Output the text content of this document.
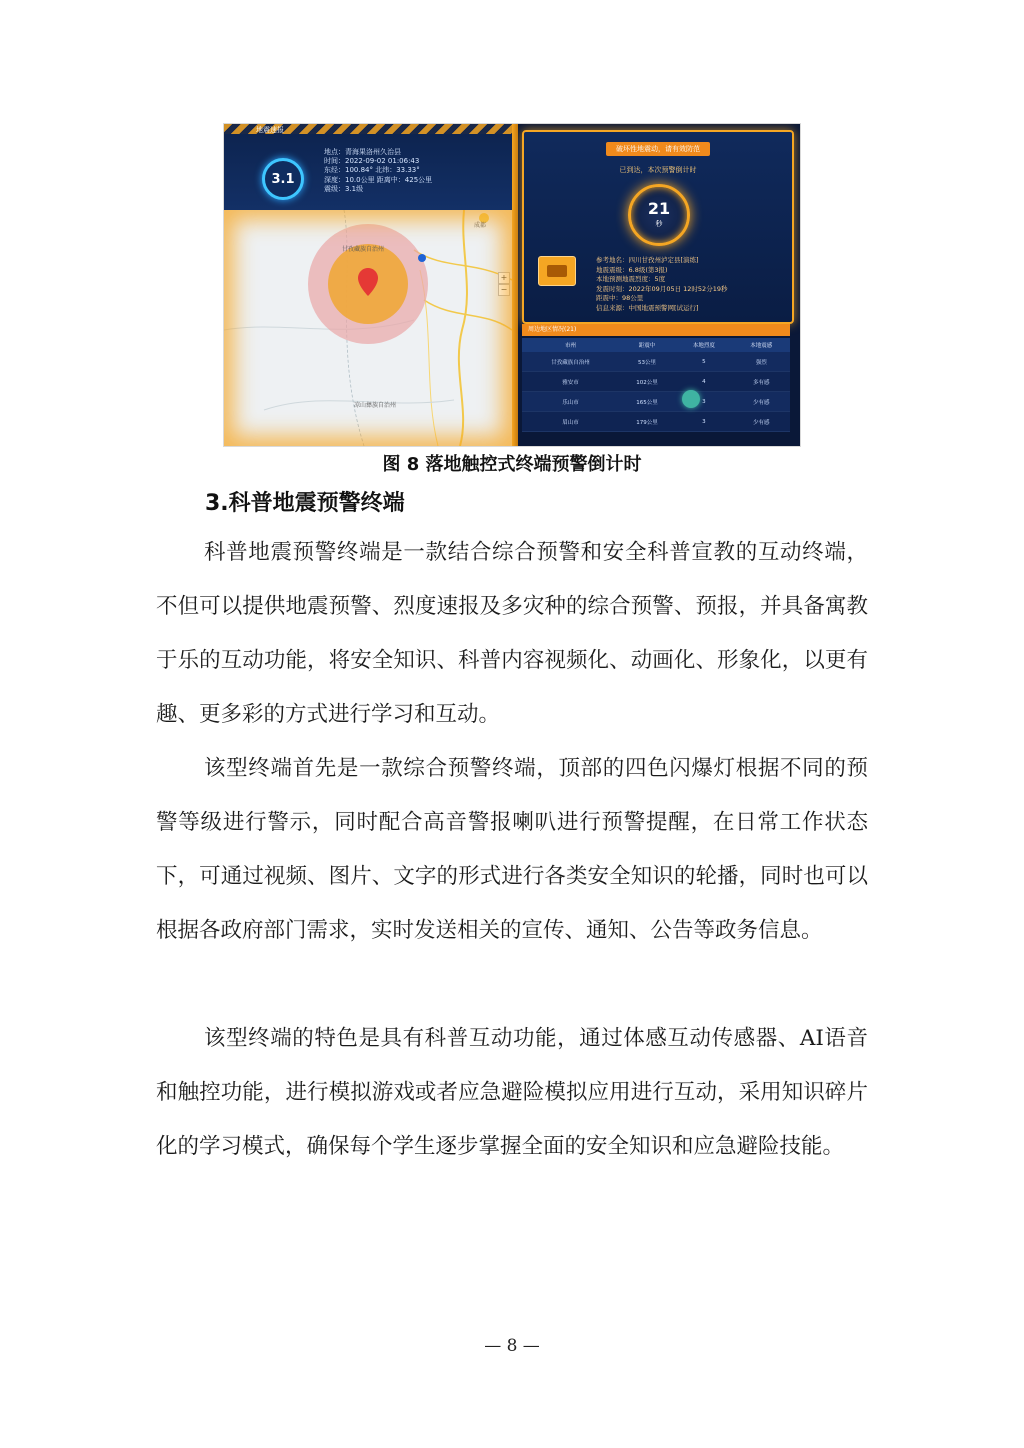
地震速报
3.1
地点：青海果洛州久治县
时间：2022-09-02 01:06:43
东经：100.84° 北纬：33.33°
深度：10.0公里 距离中：425公里
震级：3.1级
甘孜藏族自治州
成都
凉山彝族自治州
+
−
破坏性地震动，请有效防范
已到达，本次预警倒计时
21
秒
参考地名：四川甘孜州泸定县[演练]
地震震级：6.8级(第3报)
本地预测地震烈度：5度
发震时刻：2022年09月05日 12时52分19秒
距震中：98公里
信息来源：中国地震预警网[试运行]
周边地区情况(21)
市州	距震中	本地烈度	本地震感
甘孜藏族自治州	53公里	5	强烈
雅安市	102公里	4	多有感
乐山市	165公里	3	少有感
眉山市	179公里	3	少有感
图 8 落地触控式终端预警倒计时
3.科普地震预警终端

科普地震预警终端是一款结合综合预警和安全科普宣教的互动终端，不但可以提供地震预警、烈度速报及多灾种的综合预警、预报，并具备寓教于乐的互动功能，将安全知识、科普内容视频化、动画化、形象化，以更有趣、更多彩的方式进行学习和互动。

该型终端首先是一款综合预警终端，顶部的四色闪爆灯根据不同的预警等级进行警示，同时配合高音警报喇叭进行预警提醒，在日常工作状态下，可通过视频、图片、文字的形式进行各类安全知识的轮播，同时也可以根据各政府部门需求，实时发送相关的宣传、通知、公告等政务信息。

该型终端的特色是具有科普互动功能，通过体感互动传感器、AI语音和触控功能，进行模拟游戏或者应急避险模拟应用进行互动，采用知识碎片化的学习模式，确保每个学生逐步掌握全面的安全知识和应急避险技能。

— 8 —
